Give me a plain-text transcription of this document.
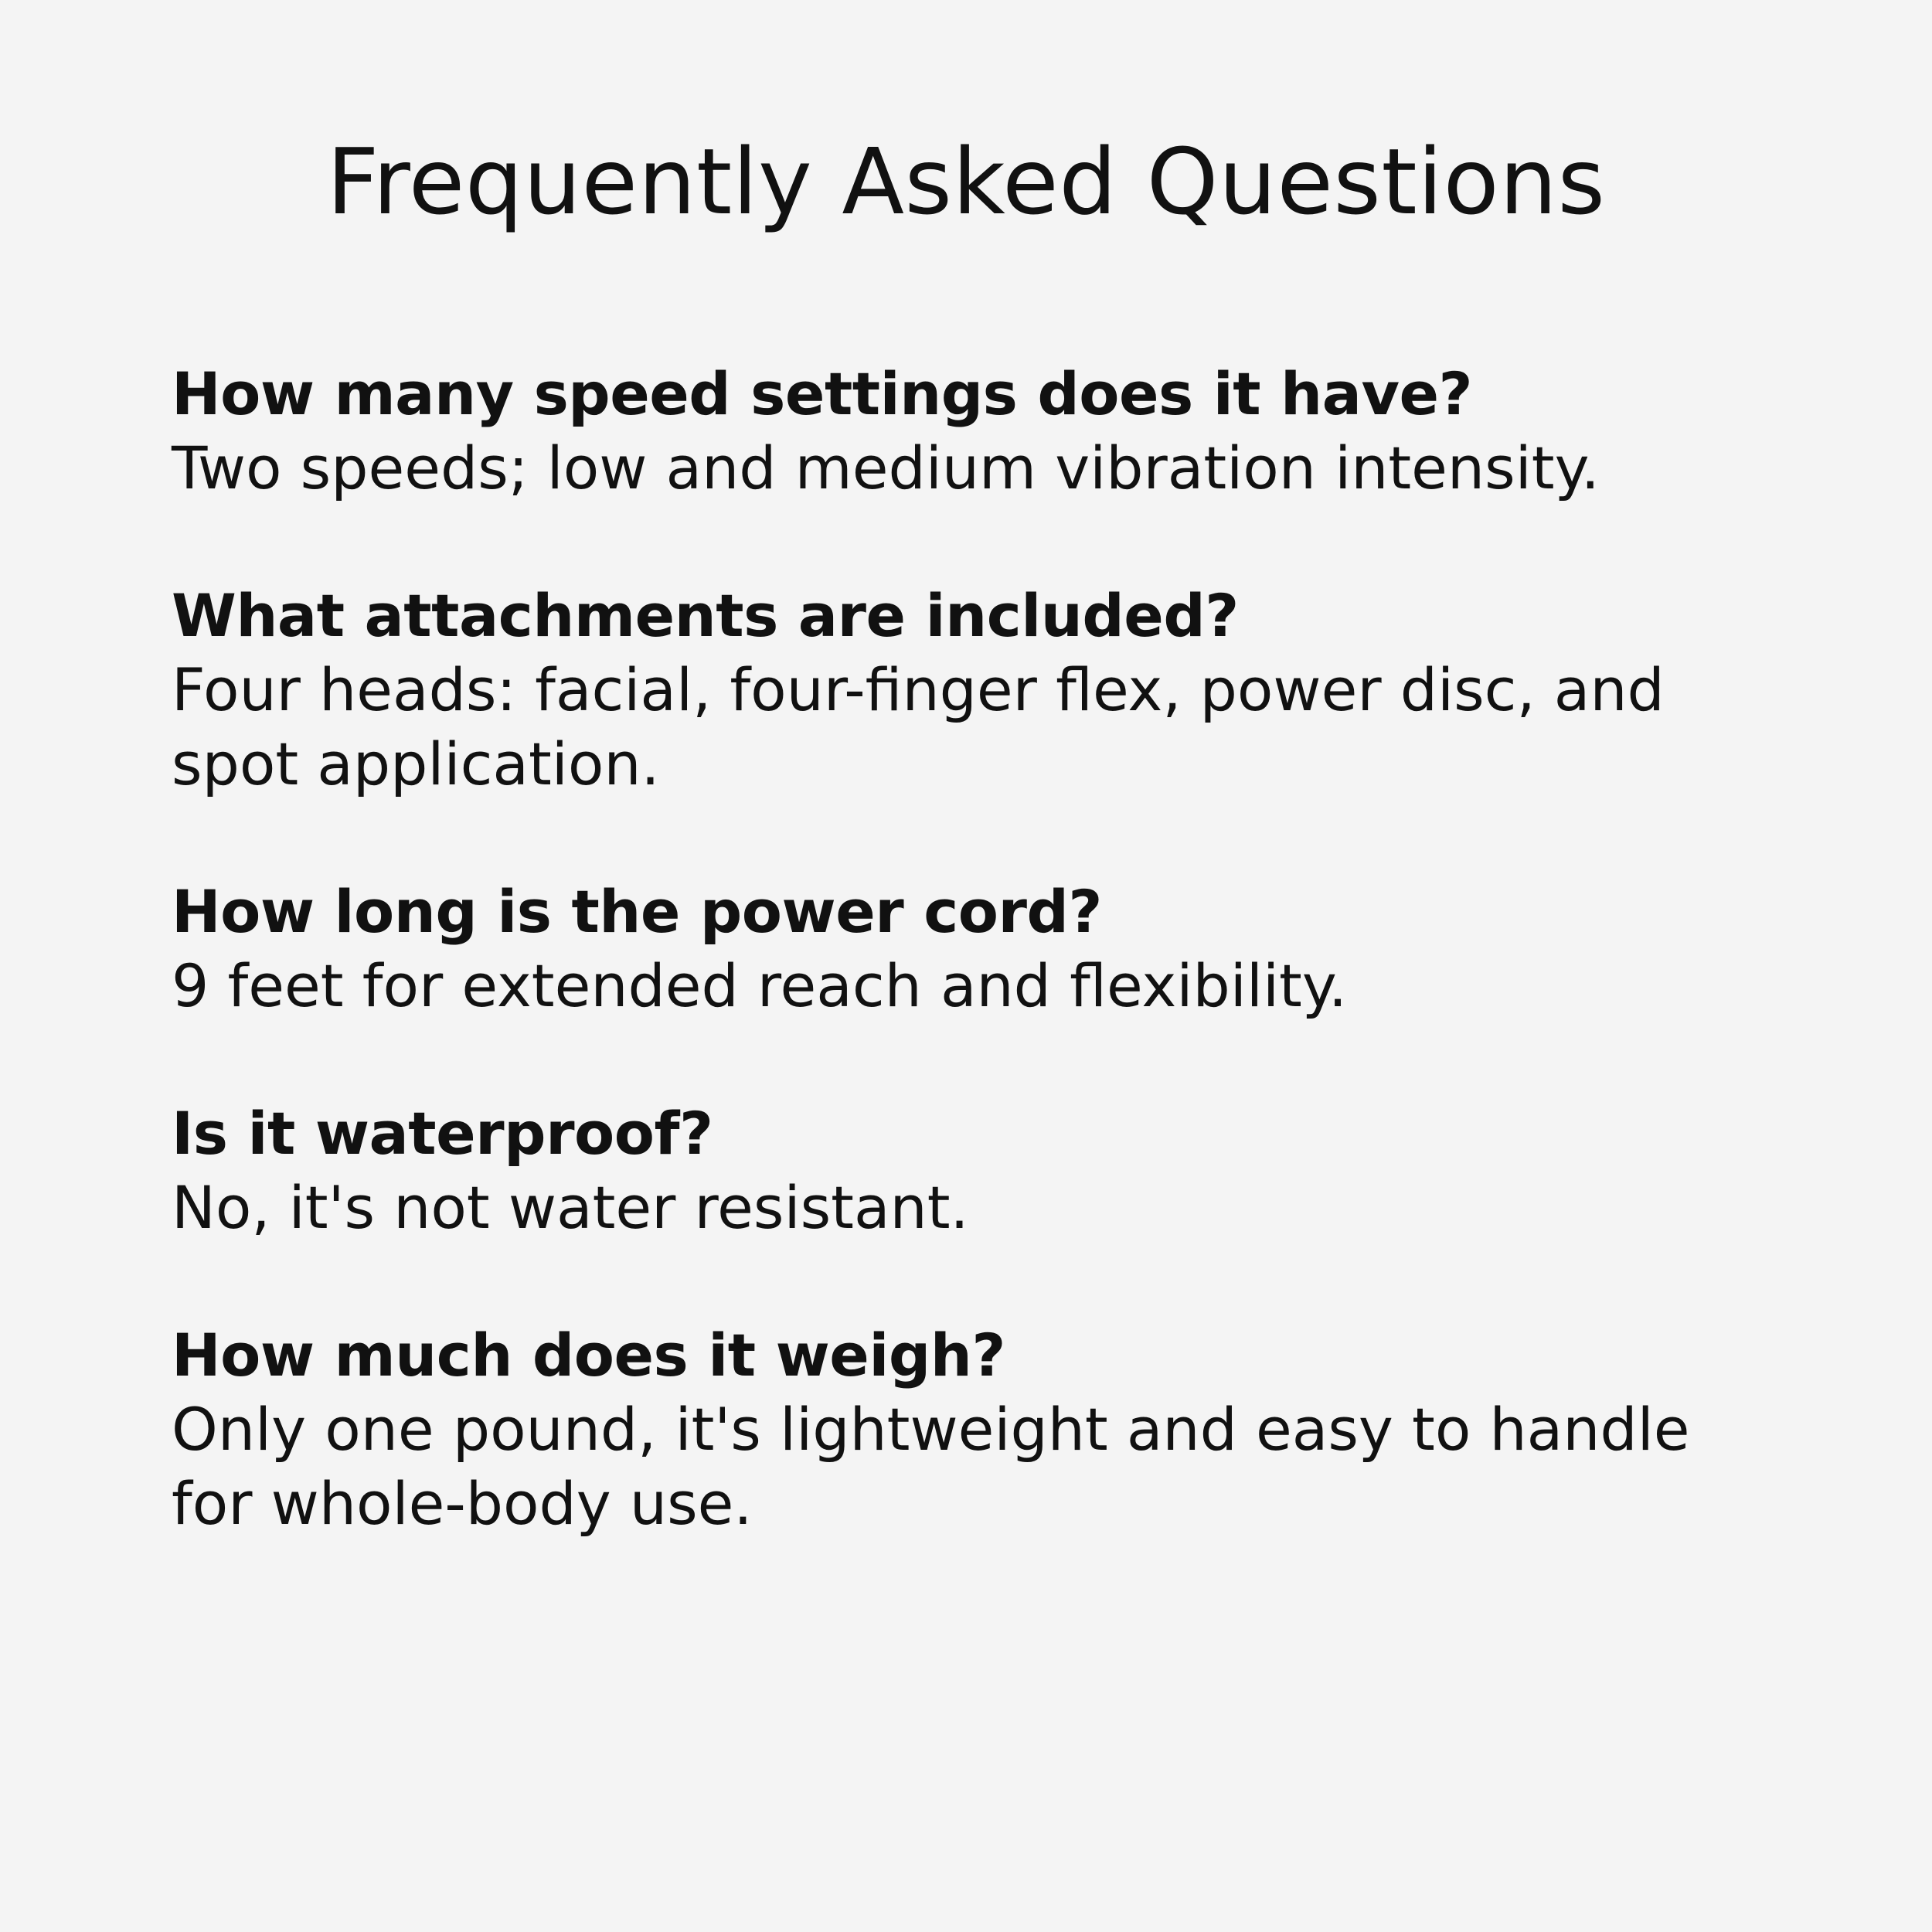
Frequently Asked Questions

How many speed settings does it have?

Two speeds; low and medium vibration intensity.

What attachments are included?

Four heads: facial, four-finger flex, power disc, and spot application.

How long is the power cord?

9 feet for extended reach and flexibility.

Is it waterproof?

No, it's not water resistant.

How much does it weigh?

Only one pound, it's lightweight and easy to handle for whole-body use.
